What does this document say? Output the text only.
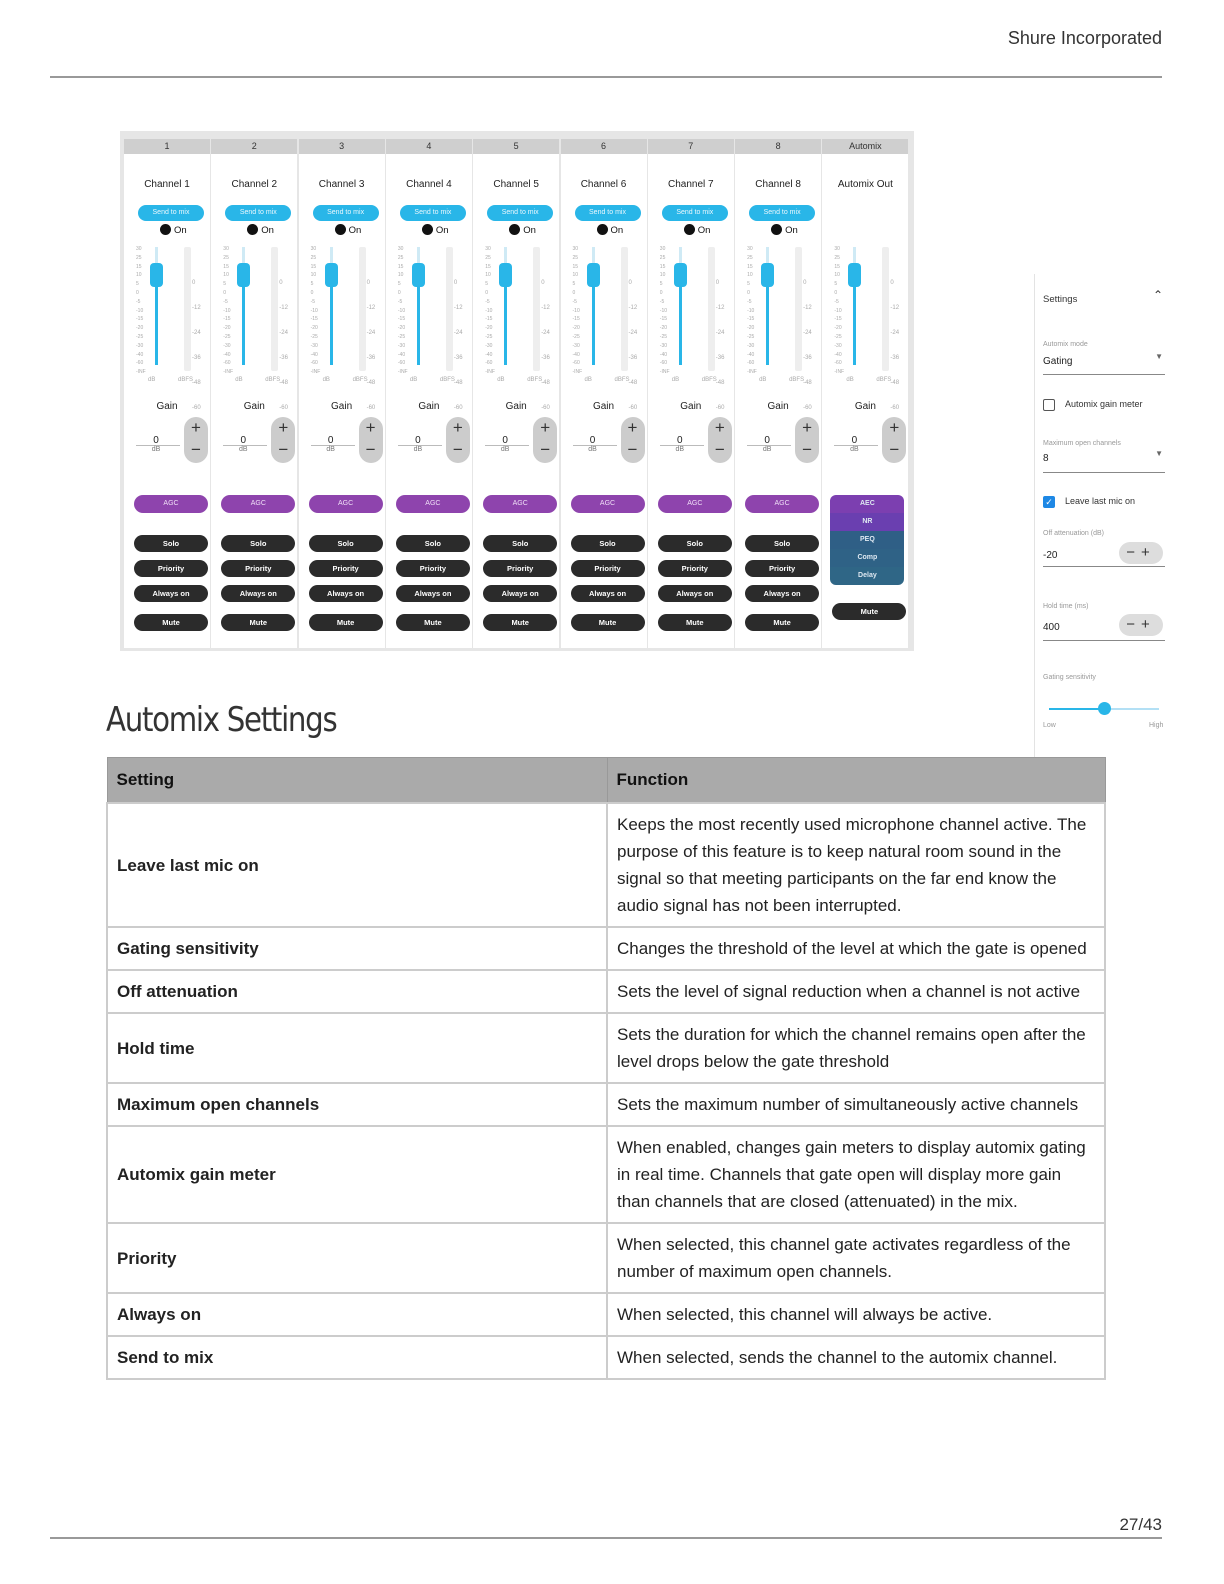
Shure Incorporated
Automix
Automix Out
30
25
15
10
5
0
-5
-10
-15
-20
-25
-30
-40
-60
-INF
0
-12
-24
-36
-48
-60
dB	dBFS
Gain
0
dB
+
−
AEC
NR
PEQ
Comp
Delay
Mute
8
Channel 8
Send to mix
On
30
25
15
10
5
0
-5
-10
-15
-20
-25
-30
-40
-60
-INF
0
-12
-24
-36
-48
-60
dB	dBFS
Gain
0
dB
+
−
AGC
Solo
Priority
Always on
Mute
7
Channel 7
Send to mix
On
30
25
15
10
5
0
-5
-10
-15
-20
-25
-30
-40
-60
-INF
0
-12
-24
-36
-48
-60
dB	dBFS
Gain
0
dB
+
−
AGC
Solo
Priority
Always on
Mute
6
Channel 6
Send to mix
On
30
25
15
10
5
0
-5
-10
-15
-20
-25
-30
-40
-60
-INF
0
-12
-24
-36
-48
-60
dB	dBFS
Gain
0
dB
+
−
AGC
Solo
Priority
Always on
Mute
5
Channel 5
Send to mix
On
30
25
15
10
5
0
-5
-10
-15
-20
-25
-30
-40
-60
-INF
0
-12
-24
-36
-48
-60
dB	dBFS
Gain
0
dB
+
−
AGC
Solo
Priority
Always on
Mute
4
Channel 4
Send to mix
On
30
25
15
10
5
0
-5
-10
-15
-20
-25
-30
-40
-60
-INF
0
-12
-24
-36
-48
-60
dB	dBFS
Gain
0
dB
+
−
AGC
Solo
Priority
Always on
Mute
3
Channel 3
Send to mix
On
30
25
15
10
5
0
-5
-10
-15
-20
-25
-30
-40
-60
-INF
0
-12
-24
-36
-48
-60
dB	dBFS
Gain
0
dB
+
−
AGC
Solo
Priority
Always on
Mute
2
Channel 2
Send to mix
On
30
25
15
10
5
0
-5
-10
-15
-20
-25
-30
-40
-60
-INF
0
-12
-24
-36
-48
-60
dB	dBFS
Gain
0
dB
+
−
AGC
Solo
Priority
Always on
Mute
1
Channel 1
Send to mix
On
30
25
15
10
5
0
-5
-10
-15
-20
-25
-30
-40
-60
-INF
0
-12
-24
-36
-48
-60
dB	dBFS
Gain
0
dB
+
−
AGC
Solo
Priority
Always on
Mute
Settings	⌃
Automix mode
Gating	▼
Automix gain meter
Maximum open channels
8	▼
✓ Leave last mic on
Off attenuation (dB)
-20	−+
Hold time (ms)
400	−+
Gating sensitivity
Low	High
Automix Settings
Setting	Function
Leave last mic on	Keeps the most recently used microphone channel active. The purpose of this feature is to keep natural room sound in the signal so that meeting participants on the far end know the audio signal has not been interrupted.
Gating sensitivity	Changes the threshold of the level at which the gate is opened
Off attenuation	Sets the level of signal reduction when a channel is not active
Hold time	Sets the duration for which the channel remains open after the level drops below the gate threshold
Maximum open channels	Sets the maximum number of simultaneously active channels
Automix gain meter	When enabled, changes gain meters to display automix gating in real time. Channels that gate open will display more gain than channels that are closed (attenuated) in the mix.
Priority	When selected, this channel gate activates regardless of the number of maximum open channels.
Always on	When selected, this channel will always be active.
Send to mix	When selected, sends the channel to the automix channel.
27/43
